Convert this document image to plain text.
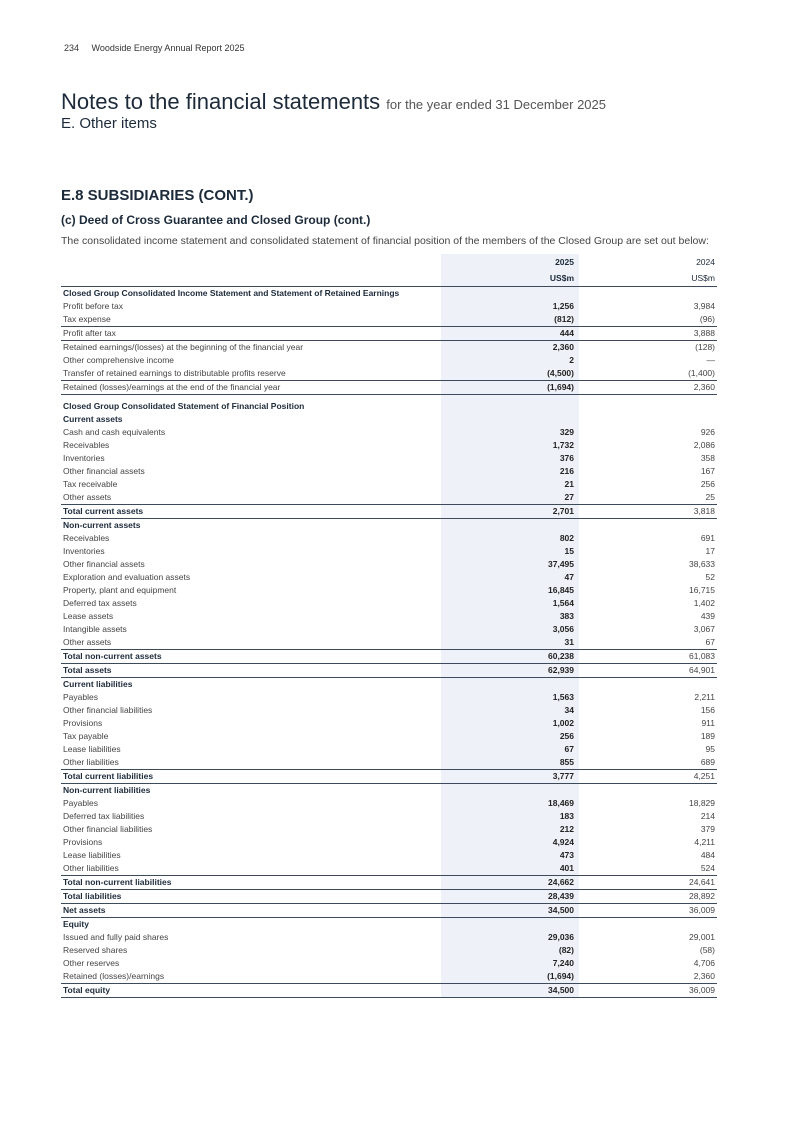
234 Woodside Energy Annual Report 2025
Notes to the financial statements for the year ended 31 December 2025
E. Other items
E.8 SUBSIDIARIES (CONT.)
(c) Deed of Cross Guarantee and Closed Group (cont.)
The consolidated income statement and consolidated statement of financial position of the members of the Closed Group are set out below:
2025	2024
US$m	US$m
Closed Group Consolidated Income Statement and Statement of Retained Earnings
Profit before tax	1,256	3,984
Tax expense	(812)	(96)
Profit after tax	444	3,888
Retained earnings/(losses) at the beginning of the financial year	2,360	(128)
Other comprehensive income	2	—
Transfer of retained earnings to distributable profits reserve	(4,500)	(1,400)
Retained (losses)/earnings at the end of the financial year	(1,694)	2,360
Closed Group Consolidated Statement of Financial Position
Current assets
Cash and cash equivalents	329	926
Receivables	1,732	2,086
Inventories	376	358
Other financial assets	216	167
Tax receivable	21	256
Other assets	27	25
Total current assets	2,701	3,818
Non-current assets
Receivables	802	691
Inventories	15	17
Other financial assets	37,495	38,633
Exploration and evaluation assets	47	52
Property, plant and equipment	16,845	16,715
Deferred tax assets	1,564	1,402
Lease assets	383	439
Intangible assets	3,056	3,067
Other assets	31	67
Total non-current assets	60,238	61,083
Total assets	62,939	64,901
Current liabilities
Payables	1,563	2,211
Other financial liabilities	34	156
Provisions	1,002	911
Tax payable	256	189
Lease liabilities	67	95
Other liabilities	855	689
Total current liabilities	3,777	4,251
Non-current liabilities
Payables	18,469	18,829
Deferred tax liabilities	183	214
Other financial liabilities	212	379
Provisions	4,924	4,211
Lease liabilities	473	484
Other liabilities	401	524
Total non-current liabilities	24,662	24,641
Total liabilities	28,439	28,892
Net assets	34,500	36,009
Equity
Issued and fully paid shares	29,036	29,001
Reserved shares	(82)	(58)
Other reserves	7,240	4,706
Retained (losses)/earnings	(1,694)	2,360
Total equity	34,500	36,009
